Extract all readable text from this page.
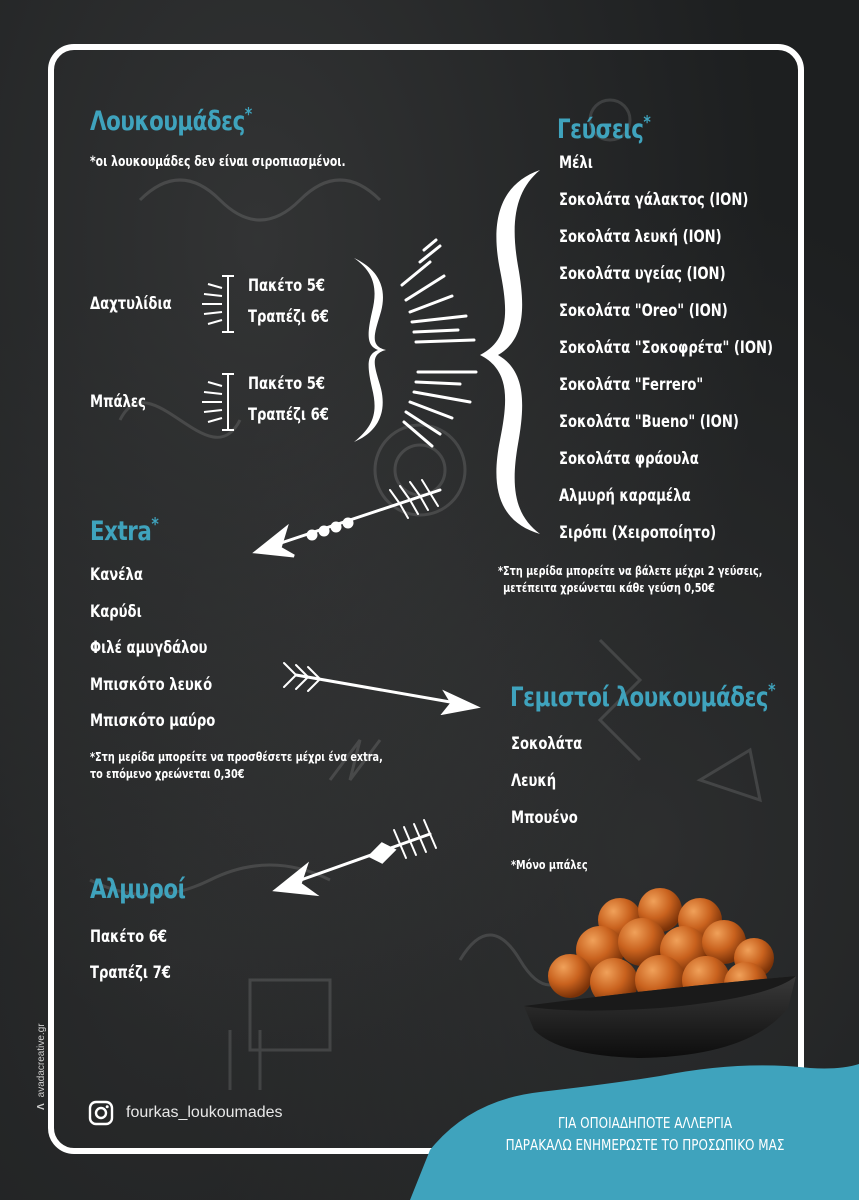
Λουκουμάδες*
*οι λουκουμάδες δεν είναι σιροπιασμένοι.
Δαχτυλίδια
Πακέτο 5€
Τραπέζι 6€
Μπάλες
Πακέτο 5€
Τραπέζι 6€
Γεύσεις*
Μέλι
Σοκολάτα γάλακτος (ΙΟΝ)
Σοκολάτα λευκή (ΙΟΝ)
Σοκολάτα υγείας (ΙΟΝ)
Σοκολάτα "Oreo" (ΙΟΝ)
Σοκολάτα "Σοκοφρέτα" (ΙΟΝ)
Σοκολάτα "Ferrero"
Σοκολάτα "Bueno" (ΙΟΝ)
Σοκολάτα φράουλα
Αλμυρή καραμέλα
Σιρόπι (Χειροποίητο)
*Στη μερίδα μπορείτε να βάλετε μέχρι 2 γεύσεις,
μετέπειτα χρεώνεται κάθε γεύση 0,50€
Extra*
Κανέλα
Καρύδι
Φιλέ αμυγδάλου
Μπισκότο λευκό
Μπισκότο μαύρο
*Στη μερίδα μπορείτε να προσθέσετε μέχρι ένα extra,
το επόμενο χρεώνεται 0,30€
Γεμιστοί λουκουμάδες*
Σοκολάτα
Λευκή
Μπουένο
*Μόνο μπάλες
Αλμυροί
Πακέτο 6€
Τραπέζι 7€
ΓΙΑ ΟΠΟΙΑΔΗΠΟΤΕ ΑΛΛΕΡΓΙΑ
ΠΑΡΑΚΑΛΩ ΕΝΗΜΕΡΩΣΤΕ ΤΟ ΠΡΟΣΩΠΙΚΟ ΜΑΣ
fourkas_loukoumades
Λavadacreative.gr
